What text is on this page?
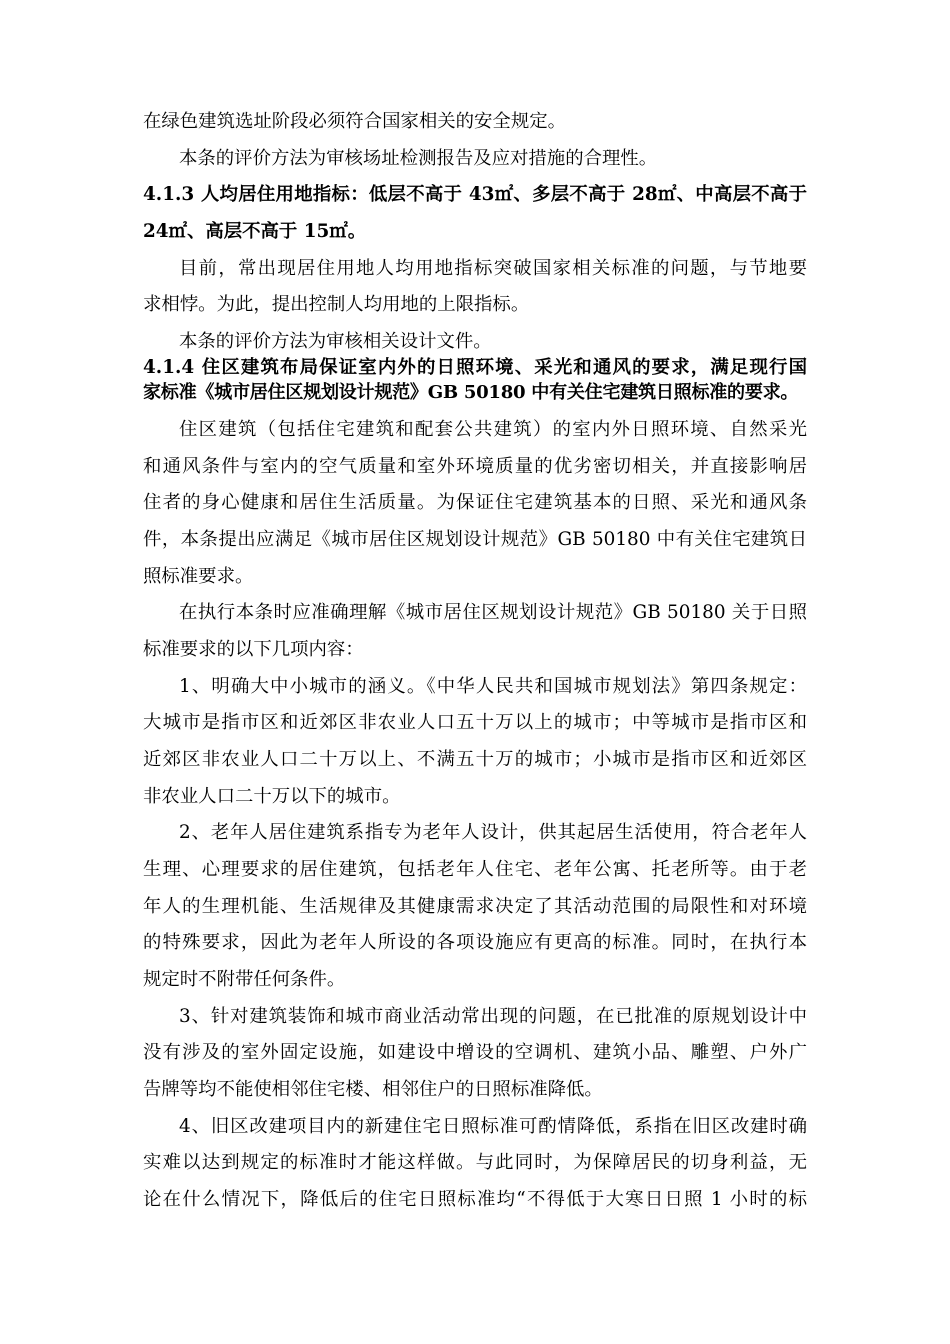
在绿色建筑选址阶段必须符合国家相关的安全规定。
本条的评价方法为审核场址检测报告及应对措施的合理性。
4.1.3 人均居住用地指标：低层不高于 43㎡、多层不高于 28㎡、中高层不高于
24㎡、高层不高于 15㎡。
目前，常出现居住用地人均用地指标突破国家相关标准的问题，与节地要
求相悖。为此，提出控制人均用地的上限指标。
本条的评价方法为审核相关设计文件。
4.1.4 住区建筑布局保证室内外的日照环境、采光和通风的要求，满足现行国
家标准《城市居住区规划设计规范》GB 50180 中有关住宅建筑日照标准的要求。
住区建筑（包括住宅建筑和配套公共建筑）的室内外日照环境、自然采光
和通风条件与室内的空气质量和室外环境质量的优劣密切相关，并直接影响居
住者的身心健康和居住生活质量。为保证住宅建筑基本的日照、采光和通风条
件，本条提出应满足《城市居住区规划设计规范》GB 50180 中有关住宅建筑日
照标准要求。
在执行本条时应准确理解《城市居住区规划设计规范》GB 50180 关于日照
标准要求的以下几项内容：
1、明确大中小城市的涵义。《中华人民共和国城市规划法》第四条规定：
大城市是指市区和近郊区非农业人口五十万以上的城市；中等城市是指市区和
近郊区非农业人口二十万以上、不满五十万的城市；小城市是指市区和近郊区
非农业人口二十万以下的城市。
2、老年人居住建筑系指专为老年人设计，供其起居生活使用，符合老年人
生理、心理要求的居住建筑，包括老年人住宅、老年公寓、托老所等。由于老
年人的生理机能、生活规律及其健康需求决定了其活动范围的局限性和对环境
的特殊要求，因此为老年人所设的各项设施应有更高的标准。同时，在执行本
规定时不附带任何条件。
3、针对建筑装饰和城市商业活动常出现的问题，在已批准的原规划设计中
没有涉及的室外固定设施，如建设中增设的空调机、建筑小品、雕塑、户外广
告牌等均不能使相邻住宅楼、相邻住户的日照标准降低。
4、旧区改建项目内的新建住宅日照标准可酌情降低，系指在旧区改建时确
实难以达到规定的标准时才能这样做。与此同时，为保障居民的切身利益，无
论在什么情况下，降低后的住宅日照标准均“不得低于大寒日日照 1 小时的标
